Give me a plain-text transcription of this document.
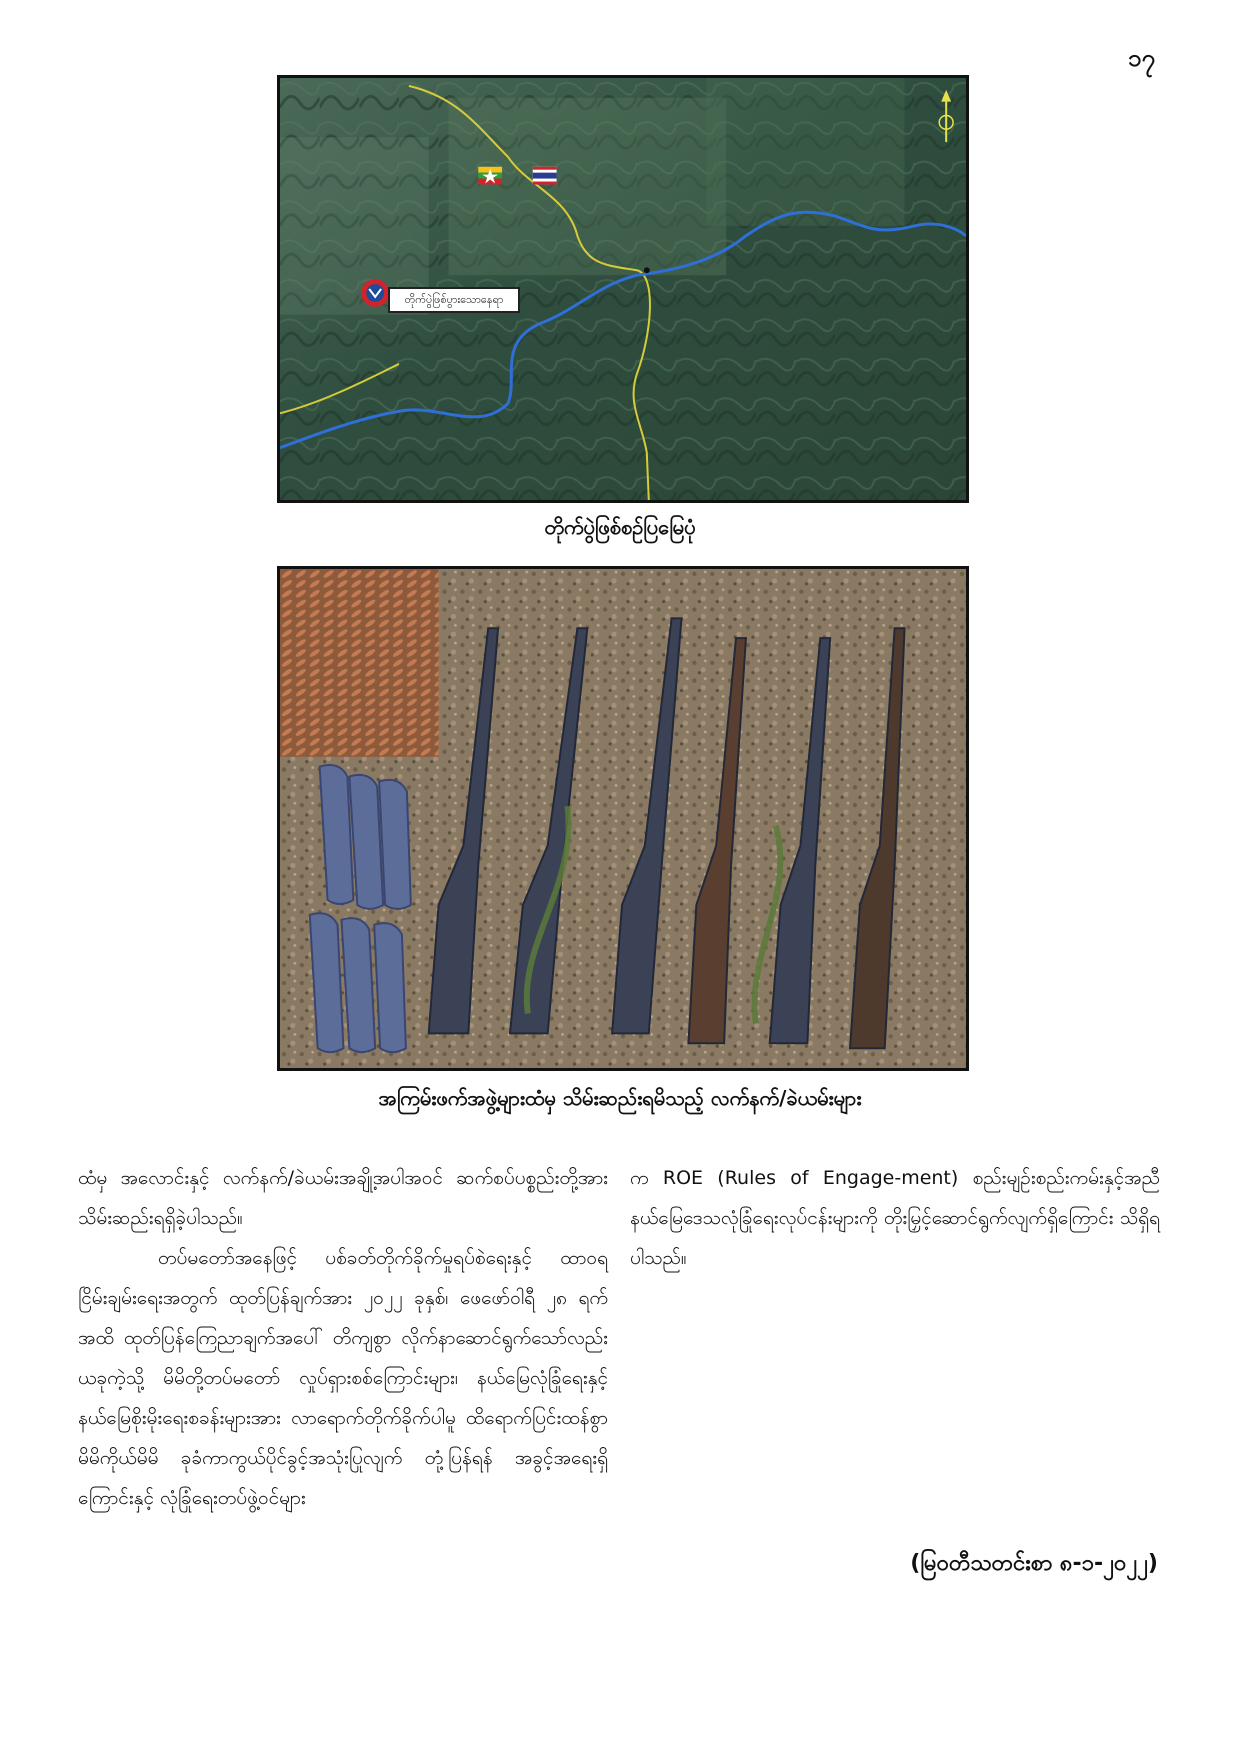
၁၇
တိုက်ပွဲဖြစ်ပွားသောနေရာ
တိုက်ပွဲဖြစ်စဉ်ပြမြေပုံ
အကြမ်းဖက်အဖွဲ့များထံမှ သိမ်းဆည်းရမိသည့် လက်နက်/ခဲယမ်းများ

ထံမှ အလောင်းနှင့် လက်နက်/ခဲယမ်းအချို့အပါအဝင် ဆက်စပ်ပစ္စည်းတို့အား သိမ်းဆည်းရရှိခဲ့ပါသည်။

တပ်မတော်အနေဖြင့် ပစ်ခတ်တိုက်ခိုက်မှုရပ်စဲရေးနှင့် ထာဝရငြိမ်းချမ်းရေးအတွက် ထုတ်ပြန်ချက်အား ၂၀၂၂ ခုနှစ်၊ ဖေဖော်ဝါရီ ၂၈ ရက်အထိ ထုတ်ပြန်ကြေညာချက်အပေါ် တိကျစွာ လိုက်နာဆောင်ရွက်သော်လည်း ယခုကဲ့သို့ မိမိတို့တပ်မတော် လှုပ်ရှားစစ်ကြောင်းများ၊ နယ်မြေလုံခြုံရေးနှင့် နယ်မြေစိုးမိုးရေးစခန်းများအား လာရောက်တိုက်ခိုက်ပါမူ ထိရောက်ပြင်းထန်စွာ မိမိကိုယ်မိမိ ခုခံကာကွယ်ပိုင်ခွင့်အသုံးပြုလျက် တုံ့ပြန်ရန် အခွင့်အရေးရှိကြောင်းနှင့် လုံခြုံရေးတပ်ဖွဲ့ဝင်များ

က ROE (Rules of Engage-ment) စည်းမျဉ်းစည်းကမ်းနှင့်အညီ နယ်မြေဒေသလုံခြုံရေးလုပ်ငန်းများကို တိုးမြှင့်ဆောင်ရွက်လျက်ရှိကြောင်း သိရှိရပါသည်။

(မြဝတီသတင်းစာ ၈-၁-၂၀၂၂)
